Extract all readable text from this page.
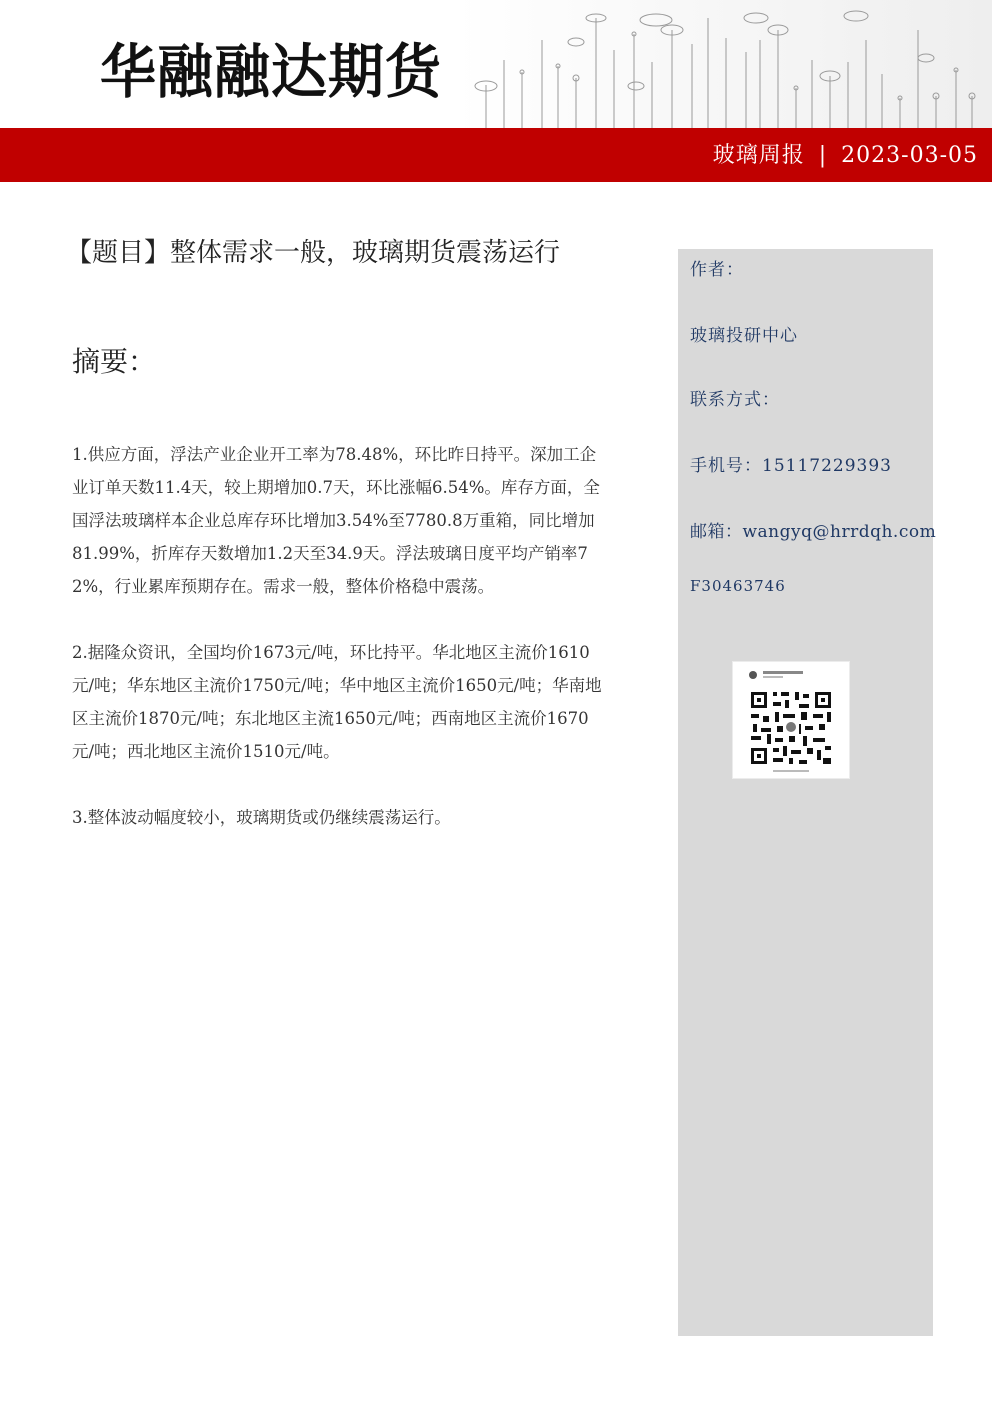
华融融达期货
玻璃周报 | 2023-03-05
【题目】整体需求一般，玻璃期货震荡运行
摘要：

1.供应方面，浮法产业企业开工率为78.48%，环比昨日持平。深加工企业订单天数11.4天，较上期增加0.7天，环比涨幅6.54%。库存方面，全国浮法玻璃样本企业总库存环比增加3.54%至7780.8万重箱，同比增加81.99%，折库存天数增加1.2天至34.9天。浮法玻璃日度平均产销率72%，行业累库预期存在。需求一般，整体价格稳中震荡。

2.据隆众资讯，全国均价1673元/吨，环比持平。华北地区主流价1610元/吨；华东地区主流价1750元/吨；华中地区主流价1650元/吨；华南地区主流价1870元/吨；东北地区主流1650元/吨；西南地区主流价1670元/吨；西北地区主流价1510元/吨。

3.整体波动幅度较小，玻璃期货或仍继续震荡运行。

作者：
玻璃投研中心
联系方式：
手机号：15117229393
邮箱：wangyq@hrrdqh.com
F30463746
